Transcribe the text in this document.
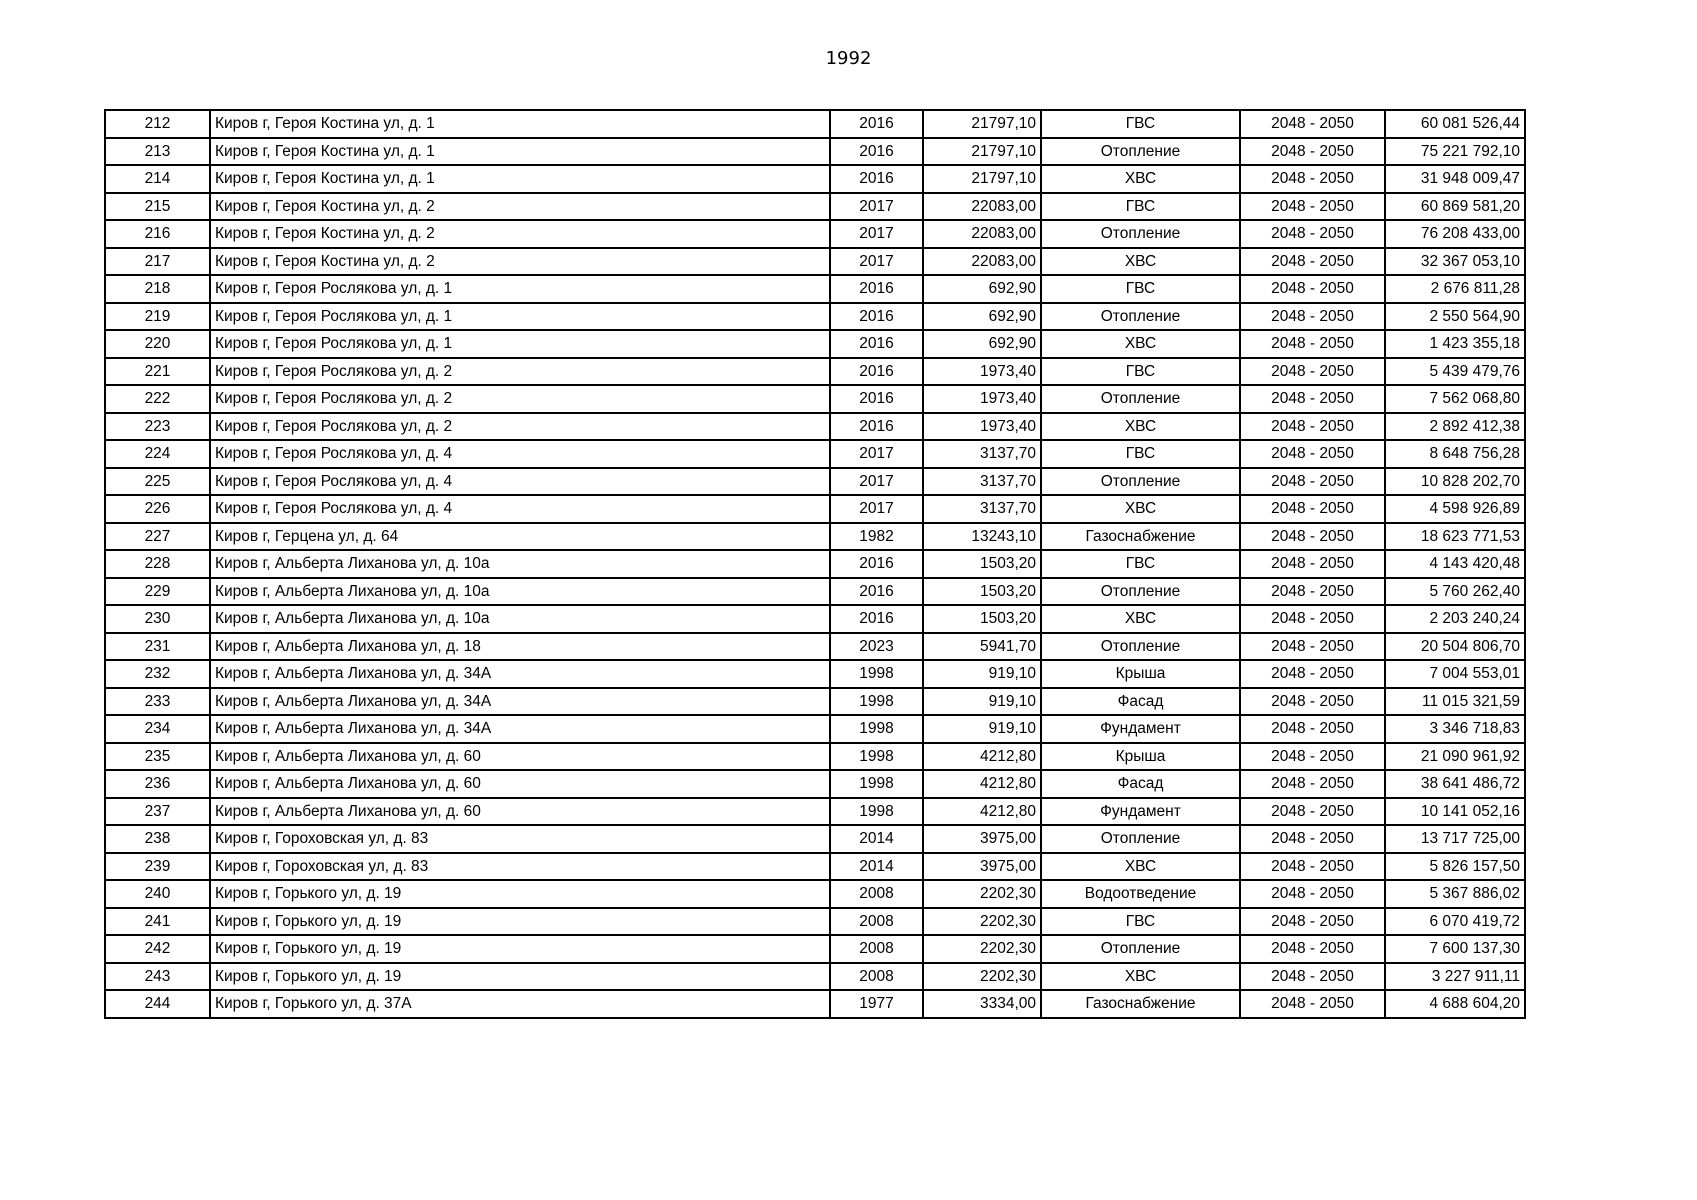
1992
212	Киров г, Героя Костина ул, д. 1	2016	21797,10	ГВС	2048 - 2050	60 081 526,44
213	Киров г, Героя Костина ул, д. 1	2016	21797,10	Отопление	2048 - 2050	75 221 792,10
214	Киров г, Героя Костина ул, д. 1	2016	21797,10	ХВС	2048 - 2050	31 948 009,47
215	Киров г, Героя Костина ул, д. 2	2017	22083,00	ГВС	2048 - 2050	60 869 581,20
216	Киров г, Героя Костина ул, д. 2	2017	22083,00	Отопление	2048 - 2050	76 208 433,00
217	Киров г, Героя Костина ул, д. 2	2017	22083,00	ХВС	2048 - 2050	32 367 053,10
218	Киров г, Героя Рослякова ул, д. 1	2016	692,90	ГВС	2048 - 2050	2 676 811,28
219	Киров г, Героя Рослякова ул, д. 1	2016	692,90	Отопление	2048 - 2050	2 550 564,90
220	Киров г, Героя Рослякова ул, д. 1	2016	692,90	ХВС	2048 - 2050	1 423 355,18
221	Киров г, Героя Рослякова ул, д. 2	2016	1973,40	ГВС	2048 - 2050	5 439 479,76
222	Киров г, Героя Рослякова ул, д. 2	2016	1973,40	Отопление	2048 - 2050	7 562 068,80
223	Киров г, Героя Рослякова ул, д. 2	2016	1973,40	ХВС	2048 - 2050	2 892 412,38
224	Киров г, Героя Рослякова ул, д. 4	2017	3137,70	ГВС	2048 - 2050	8 648 756,28
225	Киров г, Героя Рослякова ул, д. 4	2017	3137,70	Отопление	2048 - 2050	10 828 202,70
226	Киров г, Героя Рослякова ул, д. 4	2017	3137,70	ХВС	2048 - 2050	4 598 926,89
227	Киров г, Герцена ул, д. 64	1982	13243,10	Газоснабжение	2048 - 2050	18 623 771,53
228	Киров г, Альберта Лиханова ул, д. 10а	2016	1503,20	ГВС	2048 - 2050	4 143 420,48
229	Киров г, Альберта Лиханова ул, д. 10а	2016	1503,20	Отопление	2048 - 2050	5 760 262,40
230	Киров г, Альберта Лиханова ул, д. 10а	2016	1503,20	ХВС	2048 - 2050	2 203 240,24
231	Киров г, Альберта Лиханова ул, д. 18	2023	5941,70	Отопление	2048 - 2050	20 504 806,70
232	Киров г, Альберта Лиханова ул, д. 34А	1998	919,10	Крыша	2048 - 2050	7 004 553,01
233	Киров г, Альберта Лиханова ул, д. 34А	1998	919,10	Фасад	2048 - 2050	11 015 321,59
234	Киров г, Альберта Лиханова ул, д. 34А	1998	919,10	Фундамент	2048 - 2050	3 346 718,83
235	Киров г, Альберта Лиханова ул, д. 60	1998	4212,80	Крыша	2048 - 2050	21 090 961,92
236	Киров г, Альберта Лиханова ул, д. 60	1998	4212,80	Фасад	2048 - 2050	38 641 486,72
237	Киров г, Альберта Лиханова ул, д. 60	1998	4212,80	Фундамент	2048 - 2050	10 141 052,16
238	Киров г, Гороховская ул, д. 83	2014	3975,00	Отопление	2048 - 2050	13 717 725,00
239	Киров г, Гороховская ул, д. 83	2014	3975,00	ХВС	2048 - 2050	5 826 157,50
240	Киров г, Горького ул, д. 19	2008	2202,30	Водоотведение	2048 - 2050	5 367 886,02
241	Киров г, Горького ул, д. 19	2008	2202,30	ГВС	2048 - 2050	6 070 419,72
242	Киров г, Горького ул, д. 19	2008	2202,30	Отопление	2048 - 2050	7 600 137,30
243	Киров г, Горького ул, д. 19	2008	2202,30	ХВС	2048 - 2050	3 227 911,11
244	Киров г, Горького ул, д. 37А	1977	3334,00	Газоснабжение	2048 - 2050	4 688 604,20
